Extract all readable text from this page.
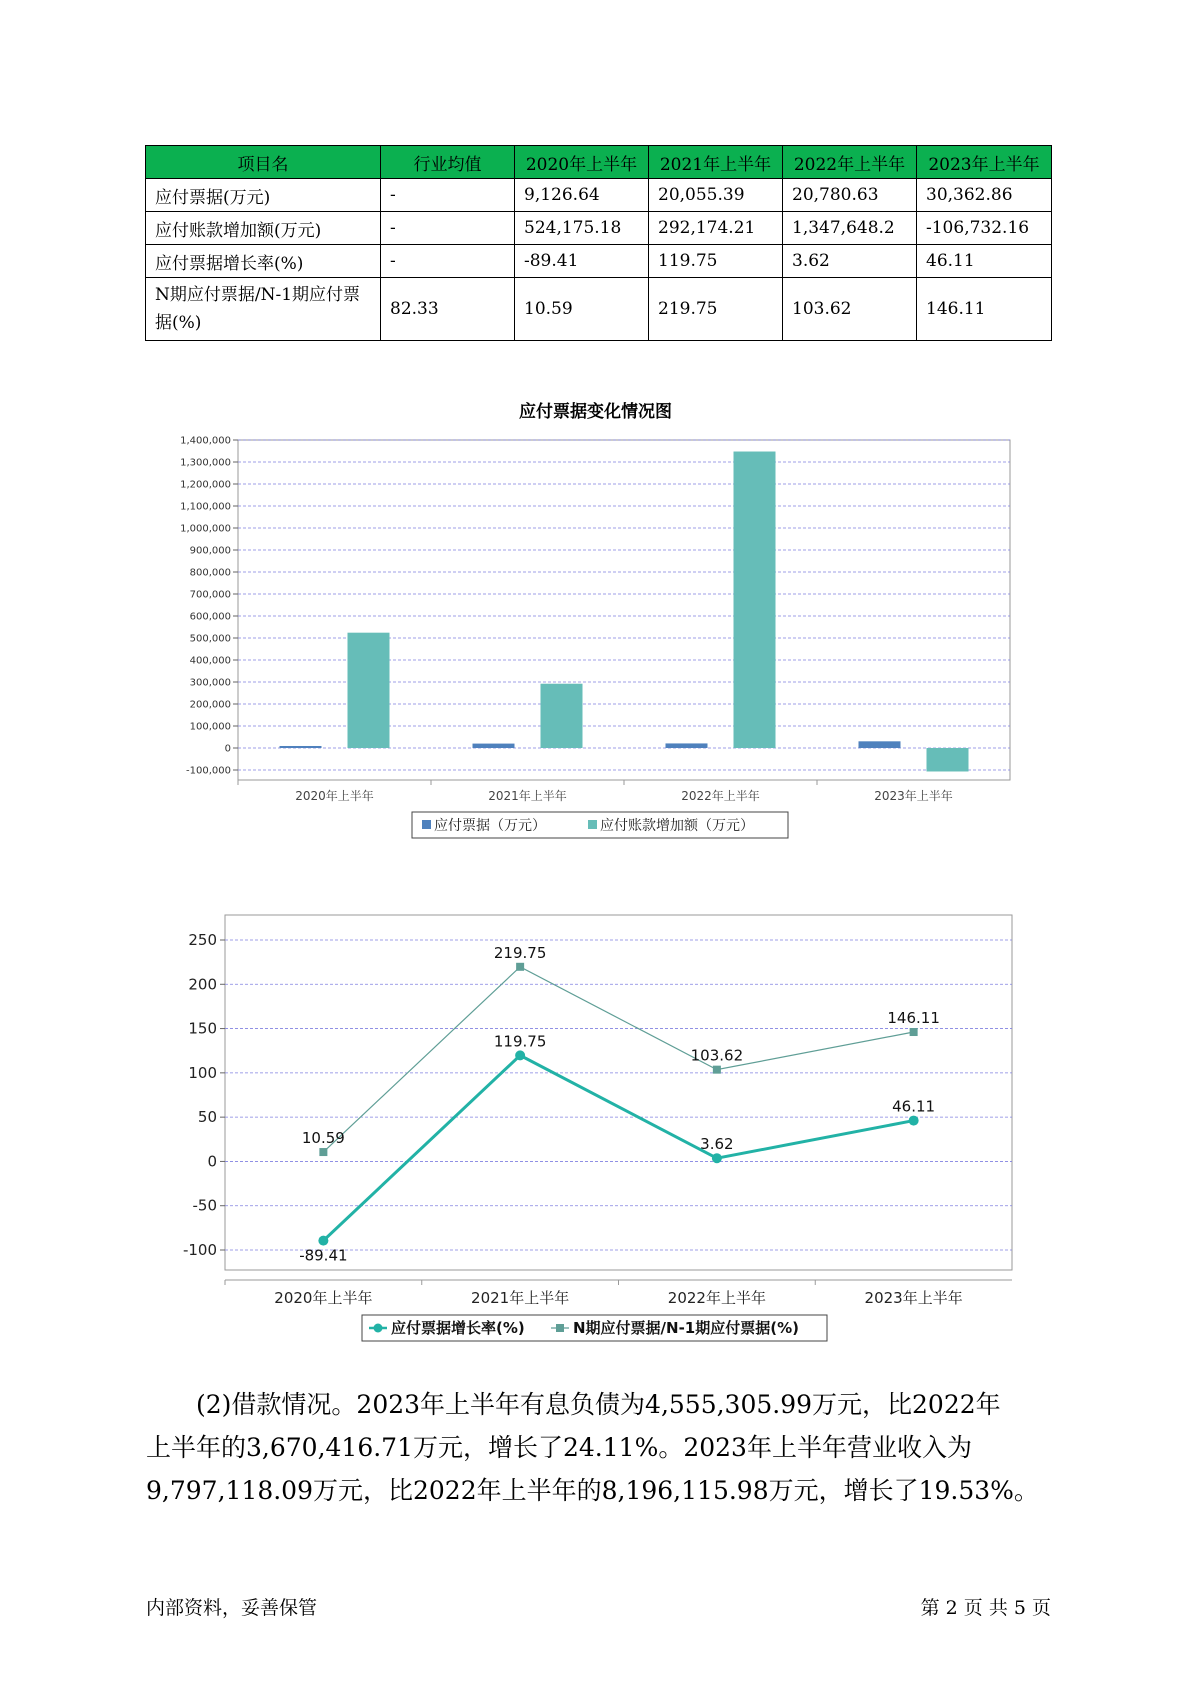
项目名	行业均值	2020年上半年	2021年上半年	2022年上半年	2023年上半年
应付票据(万元)	-	9,126.64	20,055.39	20,780.63	30,362.86
应付账款增加额(万元)	-	524,175.18	292,174.21	1,347,648.2	-106,732.16
应付票据增长率(%)	-	-89.41	119.75	3.62	46.11
N期应付票据/N-1期应付票据(%)	82.33	10.59	219.75	103.62	146.11
应付票据变化情况图
-100,000
0
100,000
200,000
300,000
400,000
500,000
600,000
700,000
800,000
900,000
1,000,000
1,100,000
1,200,000
1,300,000
1,400,000
2020年上半年	2021年上半年	2022年上半年	2023年上半年
应付票据（万元）	应付账款增加额（万元）
-100
-50
0
50
100
150
200
250
2020年上半年	2021年上半年	2022年上半年	2023年上半年
10.59
219.75
103.62
146.11
-89.41
119.75
3.62
46.11
应付票据增长率(%)	N期应付票据/N-1期应付票据(%)

(2)借款情况。2023年上半年有息负债为4,555,305.99万元，比2022年

上半年的3,670,416.71万元，增长了24.11%。2023年上半年营业收入为

9,797,118.09万元，比2022年上半年的8,196,115.98万元，增长了19.53%。

内部资料，妥善保管	第 2 页 共 5 页
